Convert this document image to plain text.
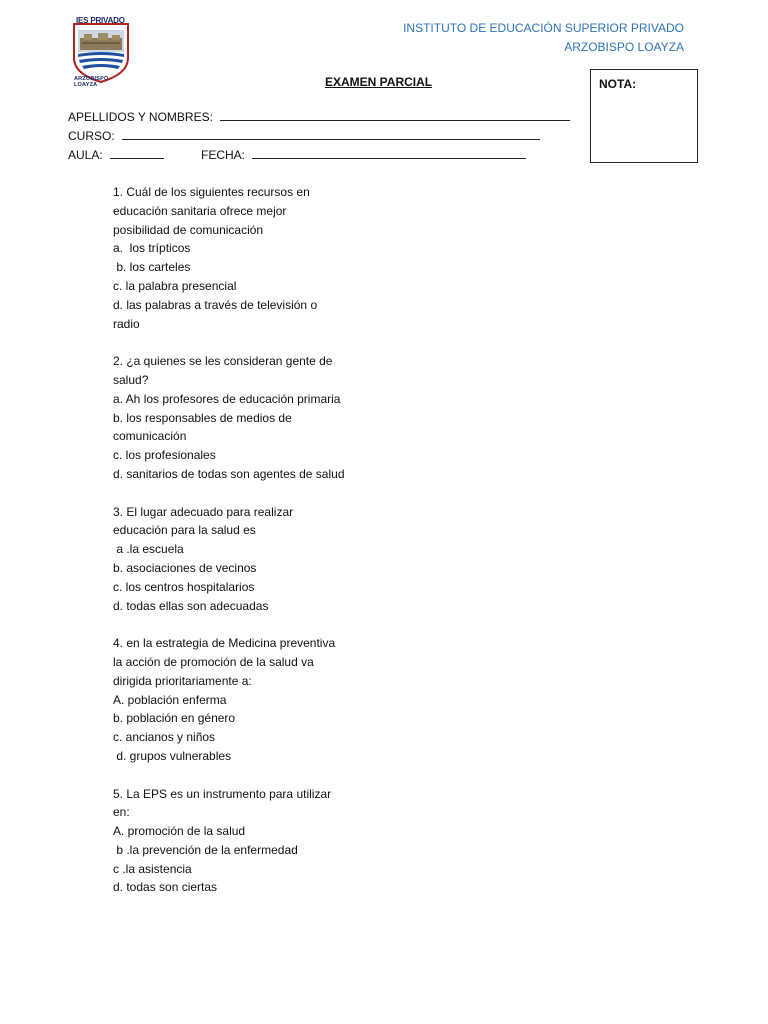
IES PRIVADO
ARZOBISPO LOAYZA
INSTITUTO DE EDUCACIÓN SUPERIOR PRIVADO
ARZOBISPO LOAYZA
EXAMEN PARCIAL	NOTA:
APELLIDOS Y NOMBRES:
CURSO:
AULA:	FECHA:
1. Cuál de los siguientes recursos en
educación sanitaria ofrece mejor
posibilidad de comunicación
a.  los trípticos
b. los carteles
c. la palabra presencial
d. las palabras a través de televisión o
radio
2. ¿a quienes se les consideran gente de
salud?
a. Ah los profesores de educación primaria
b. los responsables de medios de
comunicación
c. los profesionales
d. sanitarios de todas son agentes de salud
3. El lugar adecuado para realizar
educación para la salud es
a .la escuela
b. asociaciones de vecinos
c. los centros hospitalarios
d. todas ellas son adecuadas
4. en la estrategia de Medicina preventiva
la acción de promoción de la salud va
dirigida prioritariamente a:
A. población enferma
b. población en género
c. ancianos y niños
d. grupos vulnerables
5. La EPS es un instrumento para utilizar
en:
A. promoción de la salud
b .la prevención de la enfermedad
c .la asistencia
d. todas son ciertas
